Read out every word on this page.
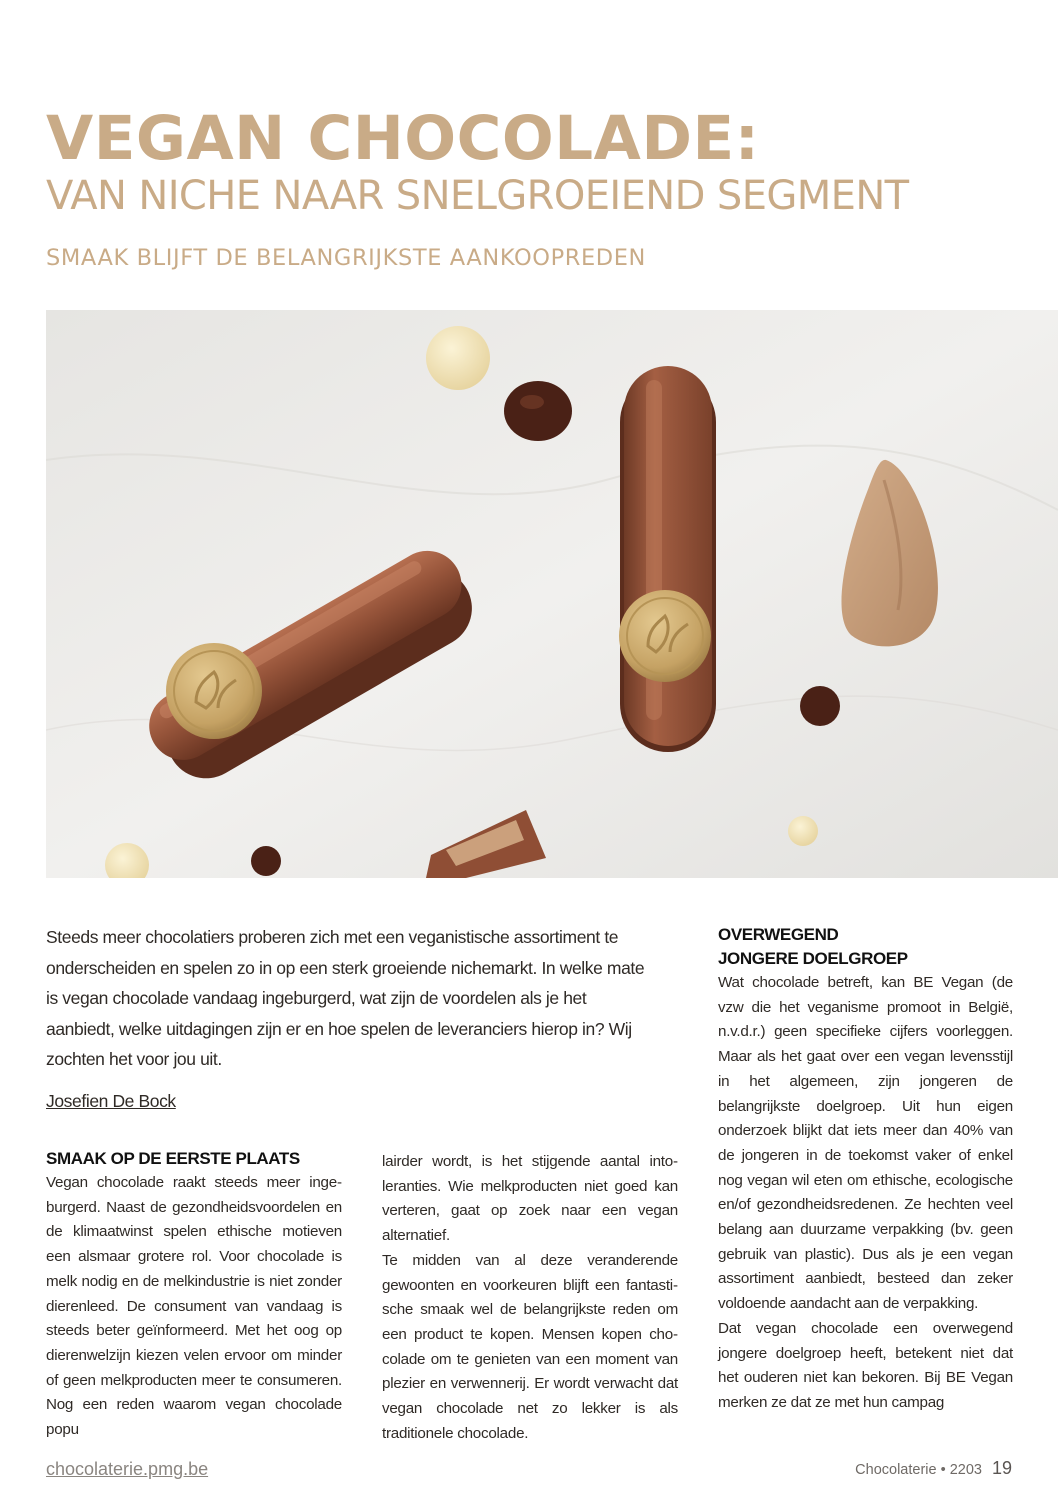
VEGAN CHOCOLADE:
VAN NICHE NAAR SNELGROEIEND SEGMENT

SMAAK BLIJFT DE BELANGRIJKSTE AANKOOPREDEN

Steeds meer chocolatiers proberen zich met een veganistische assortiment te onderscheiden en spelen zo in op een sterk groeiende nichemarkt. In welke mate is vegan chocolade vandaag ingeburgerd, wat zijn de voordelen als je het aanbiedt, welke uitdagingen zijn er en hoe spelen de leveranciers hierop in? Wij zochten het voor jou uit.

Josefien De Bock

SMAAK OP DE EERSTE PLAATS

Vegan chocolade raakt steeds meer ingeburgerd. Naast de gezondheidsvoordelen en de klimaatwinst spelen ethische motieven een alsmaar grotere rol. Voor chocolade is melk nodig en de melkindustrie is niet zonder dierenleed. De consument van vandaag is steeds beter geïnformeerd. Met het oog op dierenwelzijn kiezen velen ervoor om minder of geen melkproducten meer te consumeren. Nog een reden waarom vegan chocolade popu

lairder wordt, is het stijgende aantal intoleranties. Wie melkproducten niet goed kan verteren, gaat op zoek naar een vegan alternatief.

Te midden van al deze veranderende gewoonten en voorkeuren blijft een fantastische smaak wel de belangrijkste reden om een product te kopen. Mensen kopen chocolade om te genieten van een moment van plezier en verwennerij. Er wordt verwacht dat vegan chocolade net zo lekker is als traditionele chocolade.

OVERWEGEND
JONGERE DOELGROEP

Wat chocolade betreft, kan BE Vegan (de vzw die het veganisme promoot in België, n.v.d.r.) geen specifieke cijfers voorleggen. Maar als het gaat over een vegan levensstijl in het algemeen, zijn jongeren de belangrijkste doelgroep. Uit hun eigen onderzoek blijkt dat iets meer dan 40% van de jongeren in de toekomst vaker of enkel nog vegan wil eten om ethische, ecologische en/of gezondheidsredenen. Ze hechten veel belang aan duurzame verpakking (bv. geen gebruik van plastic). Dus als je een vegan assortiment aanbiedt, besteed dan zeker voldoende aandacht aan de verpakking.

Dat vegan chocolade een overwegend jongere doelgroep heeft, betekent niet dat het ouderen niet kan bekoren. Bij BE Vegan merken ze dat ze met hun campag

chocolaterie.pmg.be	Chocolaterie • 2203 19
